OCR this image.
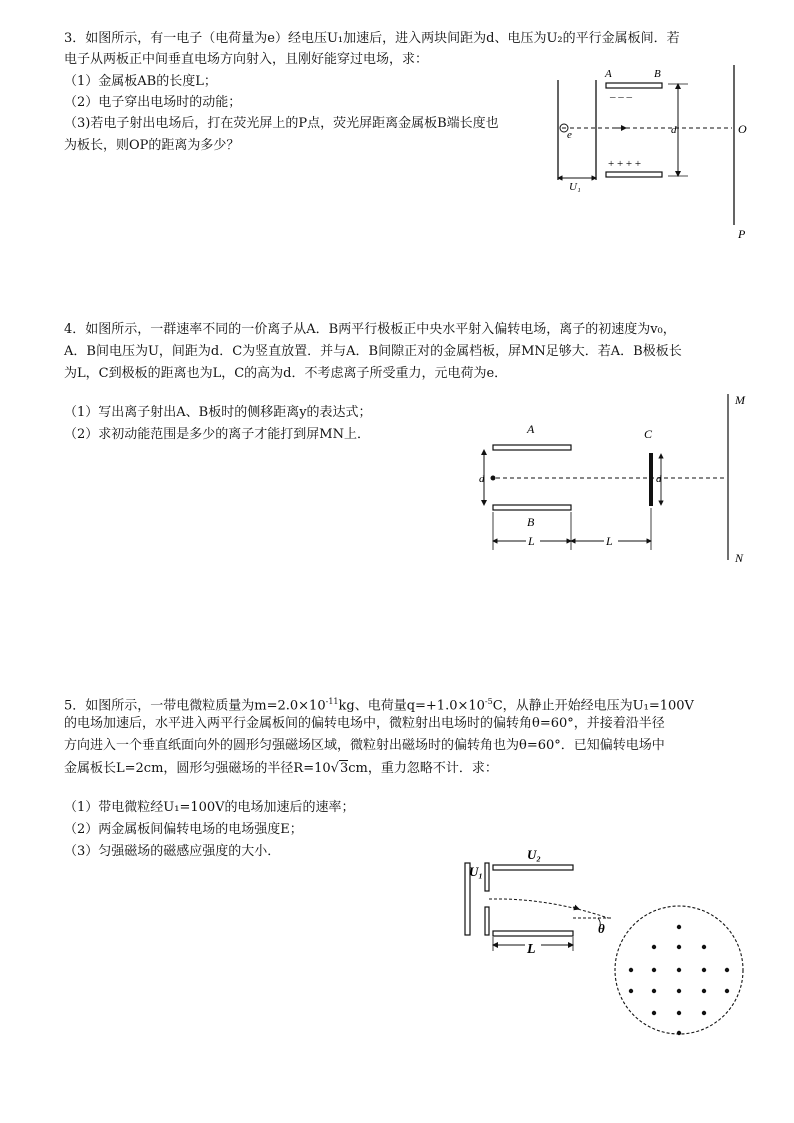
3．如图所示，有一电子（电荷量为e）经电压U₁加速后，进入两块间距为d、电压为U₂的平行金属板间．若
电子从两板正中间垂直电场方向射入，且刚好能穿过电场，求：
（1）金属板AB的长度L；
（2）电子穿出电场时的动能；
（3)若电子射出电场后，打在荧光屏上的P点，荧光屏距离金属板B端长度也
为板长，则OP的距离为多少？
A	B
– – –
+ + + +
e	d
U₁
O
P
4．如图所示，一群速率不同的一价离子从A．B两平行极板正中央水平射入偏转电场，离子的初速度为v₀，
A．B间电压为U，间距为d．C为竖直放置．并与A．B间隙正对的金属档板，屏MN足够大．若A．B极板长
为L，C到极板的距离也为L，C的高为d．不考虑离子所受重力，元电荷为e．
（1）写出离子射出A、B板时的侧移距离y的表达式；
（2）求初动能范围是多少的离子才能打到屏MN上．	A
B
d
C
d
L	L
M
N
5．如图所示，一带电微粒质量为$m=2.0\times 10^{-11}kg$、电荷量$q=+1.0\times 10^{-5}C$，从静止开始经电压为U₁=100V
的电场加速后，水平进入两平行金属板间的偏转电场中，微粒射出电场时的偏转角θ=60°，并接着沿半径
方向进入一个垂直纸面向外的圆形匀强磁场区域，微粒射出磁场时的偏转角也为θ=60°．已知偏转电场中
金属板长L=2cm，圆形匀强磁场的半径R=10√3cm，重力忽略不计．求：
（1）带电微粒经U₁=100V的电场加速后的速率；
（2）两金属板间偏转电场的电场强度E；
（3）匀强磁场的磁感应强度的大小．
U₁
U₂
θ
L
